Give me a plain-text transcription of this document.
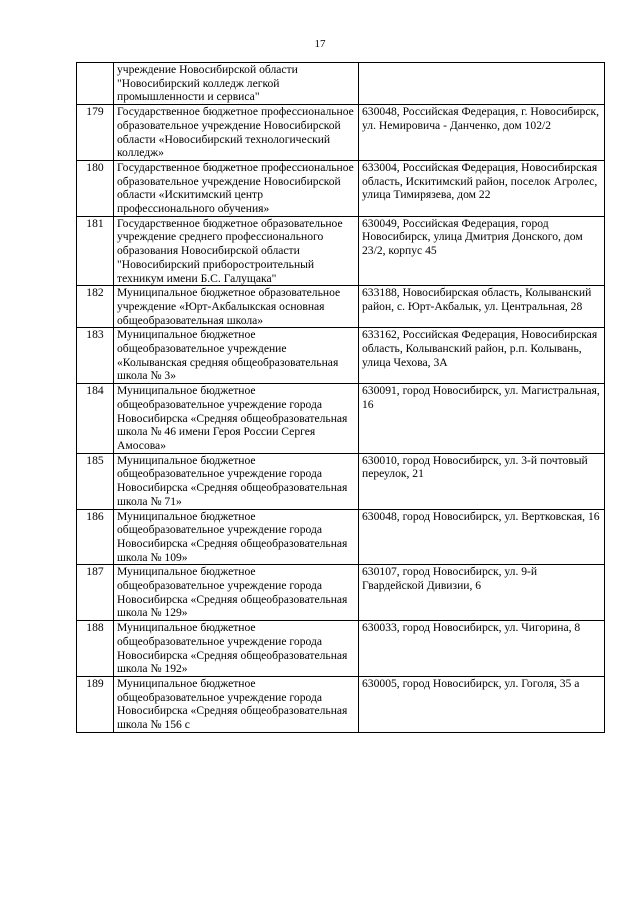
17
	учреждение Новосибирской области "Новосибирский колледж легкой промышленности и сервиса"	
179	Государственное бюджетное профессиональное образовательное учреждение Новосибирской области «Новосибирский технологический колледж»	630048, Российская Федерация, г. Новосибирск, ул. Немировича - Данченко, дом 102/2
180	Государственное бюджетное профессиональное образовательное учреждение Новосибирской области «Искитимский центр профессионального обучения»	633004, Российская Федерация, Новосибирская область, Искитимский район, поселок Агролес, улица Тимирязева, дом 22
181	Государственное бюджетное образовательное учреждение среднего профессионального образования Новосибирской области "Новосибирский приборостроительный техникум имени Б.С. Галущака"	630049, Российская Федерация, город Новосибирск, улица Дмитрия Донского, дом 23/2, корпус 45
182	Муниципальное бюджетное образовательное учреждение «Юрт-Акбалыкская основная общеобразовательная школа»	633188, Новосибирская область, Колыванский район, с. Юрт-Акбалык, ул. Центральная, 28
183	Муниципальное бюджетное общеобразовательное учреждение «Колыванская средняя общеобразовательная школа № 3»	633162, Российская Федерация, Новосибирская область, Колыванский район, р.п. Колывань, улица Чехова, 3А
184	Муниципальное бюджетное общеобразовательное учреждение города Новосибирска «Средняя общеобразовательная школа № 46 имени Героя России Сергея Амосова»	630091, город Новосибирск, ул. Магистральная, 16
185	Муниципальное бюджетное общеобразовательное учреждение города Новосибирска «Средняя общеобразовательная школа № 71»	630010, город Новосибирск, ул. 3-й почтовый переулок, 21
186	Муниципальное бюджетное общеобразовательное учреждение города Новосибирска «Средняя общеобразовательная школа № 109»	630048, город Новосибирск, ул. Вертковская, 16
187	Муниципальное бюджетное общеобразовательное учреждение города Новосибирска «Средняя общеобразовательная школа № 129»	630107, город Новосибирск, ул. 9-й Гвардейской Дивизии, 6
188	Муниципальное бюджетное общеобразовательное учреждение города Новосибирска «Средняя общеобразовательная школа № 192»	630033, город Новосибирск, ул. Чигорина, 8
189	Муниципальное бюджетное общеобразовательное учреждение города Новосибирска «Средняя общеобразовательная школа № 156 с	630005, город Новосибирск, ул. Гоголя, 35 а
